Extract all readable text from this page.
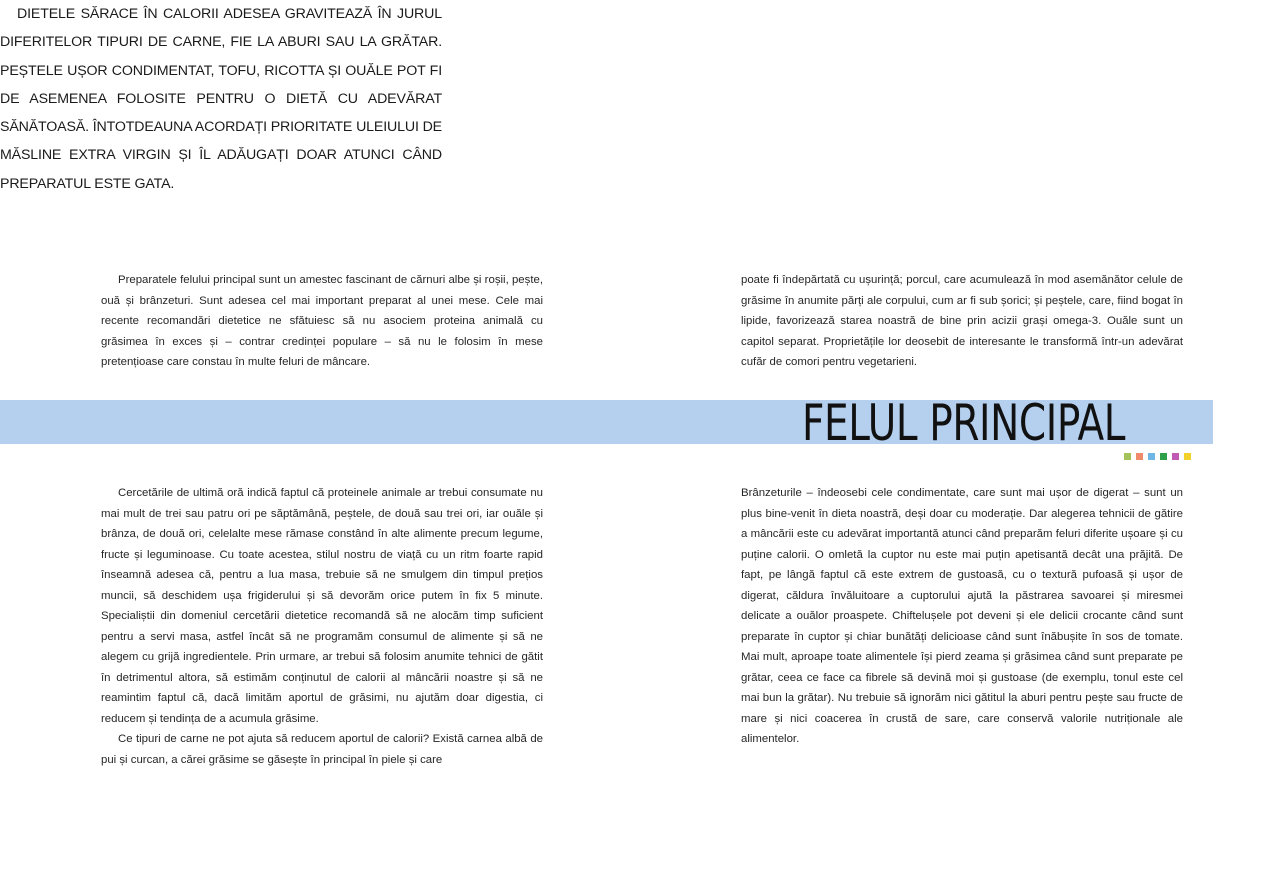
DIETELE SĂRACE ÎN CALORII ADESEA GRAVITEAZĂ ÎN JURUL DIFERITELOR TIPURI DE CARNE, FIE LA ABURI SAU LA GRĂTAR. PEȘTELE UȘOR CONDIMENTAT, TOFU, RICOTTA ȘI OUĂLE POT FI DE ASEMENEA FOLOSITE PENTRU O DIETĂ CU ADEVĂRAT SĂNĂTOASĂ. ÎNTOTDEAUNA ACORDAȚI PRIORITATE ULEIULUI DE MĂSLINE EXTRA VIRGIN ȘI ÎL ADĂUGAȚI DOAR ATUNCI CÂND PREPARATUL ESTE GATA.

Preparatele felului principal sunt un amestec fascinant de cărnuri albe și roșii, pește, ouă și brânzeturi. Sunt adesea cel mai important preparat al unei mese. Cele mai recente recomandări dietetice ne sfătuiesc să nu asociem proteina animală cu grăsimea în exces și – contrar credinței populare – să nu le folosim în mese pretențioase care constau în multe feluri de mâncare.

poate fi îndepărtată cu ușurință; porcul, care acumulează în mod asemănător celule de grăsime în anumite părți ale corpului, cum ar fi sub șorici; și peștele, care, fiind bogat în lipide, favorizează starea noastră de bine prin acizii grași omega-3. Ouăle sunt un capitol separat. Proprietățile lor deosebit de interesante le transformă într-un adevărat cufăr de comori pentru vegetarieni.

FELUL PRINCIPAL

Cercetările de ultimă oră indică faptul că proteinele animale ar trebui consumate nu mai mult de trei sau patru ori pe săptămână, peștele, de două sau trei ori, iar ouăle și brânza, de două ori, celelalte mese rămase constând în alte alimente precum legume, fructe și leguminoase. Cu toate acestea, stilul nostru de viață cu un ritm foarte rapid înseamnă adesea că, pentru a lua masa, trebuie să ne smulgem din timpul prețios muncii, să deschidem ușa frigiderului și să devorăm orice putem în fix 5 minute. Specialiștii din domeniul cercetării dietetice recomandă să ne alocăm timp suficient pentru a servi masa, astfel încât să ne programăm consumul de alimente și să ne alegem cu grijă ingredientele. Prin urmare, ar trebui să folosim anumite tehnici de gătit în detrimentul altora, să estimăm conținutul de calorii al mâncării noastre și să ne reamintim faptul că, dacă limităm aportul de grăsimi, nu ajutăm doar digestia, ci reducem și tendința de a acumula grăsime.

Ce tipuri de carne ne pot ajuta să reducem aportul de calorii? Există carnea albă de pui și curcan, a cărei grăsime se găsește în principal în piele și care

Brânzeturile – îndeosebi cele condimentate, care sunt mai ușor de digerat – sunt un plus bine-venit în dieta noastră, deși doar cu moderație. Dar alegerea tehnicii de gătire a mâncării este cu adevărat importantă atunci când preparăm feluri diferite ușoare și cu puține calorii. O omletă la cuptor nu este mai puțin apetisantă decât una prăjită. De fapt, pe lângă faptul că este extrem de gustoasă, cu o textură pufoasă și ușor de digerat, căldura învăluitoare a cuptorului ajută la păstrarea savoarei și miresmei delicate a ouălor proaspete. Chiftelușele pot deveni și ele delicii crocante când sunt preparate în cuptor și chiar bunătăți delicioase când sunt înăbușite în sos de tomate. Mai mult, aproape toate alimentele își pierd zeama și grăsimea când sunt preparate pe grătar, ceea ce face ca fibrele să devină moi și gustoase (de exemplu, tonul este cel mai bun la grătar). Nu trebuie să ignorăm nici gătitul la aburi pentru pește sau fructe de mare și nici coacerea în crustă de sare, care conservă valorile nutriționale ale alimentelor.
